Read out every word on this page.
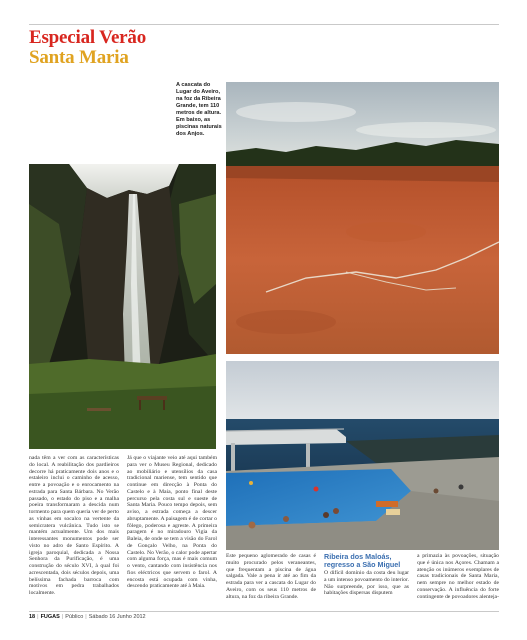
Especial Verão
Santa Maria
A cascata do Lugar do Aveiro, na foz da Ribeira Grande, tem 110 metros de altura. Em baixo, as piscinas naturais dos Anjos.
nada têm a ver com as características do local. A reabilitação dos pardieiros decorre há praticamente dois anos e o estaleiro inclui o caminho de acesso, entre a povoação e o enrocamento na estrada para Santa Bárbara. No Verão passado, o estado do piso e a malha poeira transformaram a descida num tormento para quem queria ver de perto as vinhas em socalco na vertente da semicratera vulcânica. Tudo isto se mantém actualmente. Um dos mais interessantes monumentos pode ser visto no adro de Santo Espírito. A igreja paroquial, dedicada a Nossa Senhora da Purificação, é uma construção do século XVI, à qual foi acrescentada, dois séculos depois, uma belíssima fachada barroca com motivos em pedra trabalhados localmente.
Já que o viajante veio até aqui também para ver o Museu Regional, dedicado ao mobiliário e utensílios da casa tradicional mariense, tem sentido que continue em direcção à Ponta do Castelo e à Maia, ponto final deste percurso pela costa sul e sueste de Santa Maria. Pouco tempo depois, sem aviso, a estrada começa a descer abruptamente. A paisagem é de cortar o fôlego, poderosa e agreste. A primeira paragem é no miradouro Vigia da Baleia, de onde se tem a visão do Farol de Gonçalo Velho, na Ponta do Castelo. No Verão, o calor pode apertar com alguma força, mas é mais comum o vento, cantando com insistência nos fios eléctricos que servem o farol. A encosta está ocupada com vinha, descendo praticamente até à Maia.
Este pequeno aglomerado de casas é muito procurado pelos veraneantes, que frequentam a piscina de água salgada. Vale a pena ir até ao fim da estrada para ver a cascata do Lugar do Aveiro, com os seus 110 metros de altura, na foz da ribeira Grande.
Ribeira dos Maloás, regresso a São Miguel

O difícil domínio da costa deu lugar a um intenso povoamento do interior. Não surpreende, por isso, que as habitações dispersas disputem

a primazia às povoações, situação que é única nos Açores. Chamam a atenção os inúmeros exemplares de casas tradicionais de Santa Maria, nem sempre no melhor estado de conservação. A influência do forte contingente de povoadores alenteja-
18 | FUGAS | Público | Sábado 16 Junho 2012
